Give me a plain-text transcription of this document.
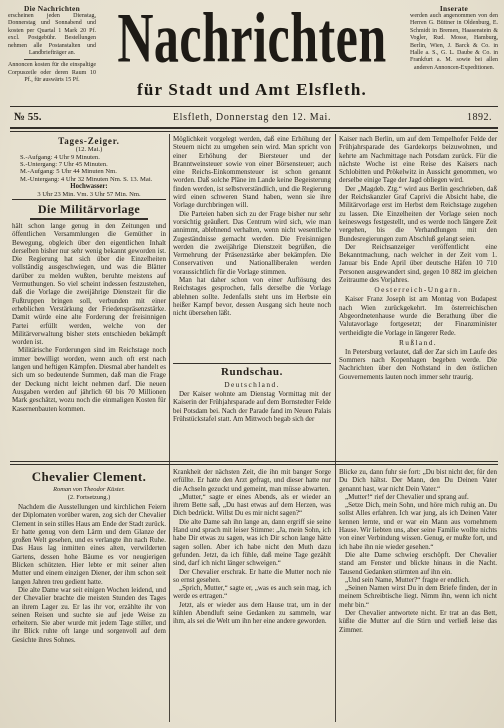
Die Nachrichten
erscheinen jeden Dienstag, Donnerstag und Sonnabend und kosten per Quartal 1 Mark 20 Pf. excl. Postgebühr. Bestellungen nehmen alle Postanstalten und Landbriefträger an.
Annoncen kosten für die einspaltige Corpuszeile oder deren Raum 10 Pf., für auswärts 15 Pf.
Nachrichten
für Stadt und Amt Elsfleth.
Inserate
werden auch angenommen von den Herren G. Büttner in Oldenburg, E. Schmidt in Bremen, Haasenstein & Vogler, Rud. Mosse, Hamburg, Berlin, Wien, J. Barck & Co. in Halle a. S., G. L. Daube & Co. in Frankfurt a. M. sowie bei allen anderen Annoncen-Expeditionen.
№ 55.	Elsfleth, Donnerstag den 12. Mai.	1892.
Tages-Zeiger.
(12. Mai.)
S.-Aufgang: 4 Uhr 9 Minuten.
S.-Untergang: 7 Uhr 45 Minuten.
M.-Aufgang: 5 Uhr 44 Minuten Nm.
M.-Untergang: 4 Uhr 32 Minuten Nm. S. 13. Mai.
Hochwasser:
3 Uhr 23 Min. Vm. 3 Uhr 57 Min. Nm.
Die Militärvorlage

hält schon lange genug in den Zeitungen und öffentlichen Versammlungen die Gemüther in Bewegung, obgleich über den eigentlichen Inhalt derselben bisher nur sehr wenig bekannt geworden ist. Die Regierung hat sich über die Einzelheiten vollständig ausgeschwiegen, und was die Blätter darüber zu melden wußten, beruhte meistens auf Vermuthungen. So viel scheint indessen festzustehen, daß die Vorlage die zweijährige Dienstzeit für die Fußtruppen bringen soll, verbunden mit einer erheblichen Verstärkung der Friedenspräsenzstärke. Damit würde eine alte Forderung der freisinnigen Partei erfüllt werden, welche von der Militärverwaltung bisher stets entschieden bekämpft worden ist.

Militärische Forderungen sind im Reichstage noch immer bewilligt worden, wenn auch oft erst nach langen und heftigen Kämpfen. Diesmal aber handelt es sich um so bedeutende Summen, daß man die Frage der Deckung nicht leicht nehmen darf. Die neuen Ausgaben werden auf jährlich 60 bis 70 Millionen Mark geschätzt, wozu noch die einmaligen Kosten für Kasernenbauten kommen.

Möglichkeit vorgelegt werden, daß eine Erhöhung der Steuern nicht zu umgehen sein wird. Man spricht von einer Erhöhung der Biersteuer und der Branntweinsteuer sowie von einer Börsensteuer; auch eine Reichs-Einkommensteuer ist schon genannt worden. Daß solche Pläne im Lande keine Begeisterung finden werden, ist selbstverständlich, und die Regierung wird einen schweren Stand haben, wenn sie ihre Vorlage durchbringen will.

Die Parteien haben sich zu der Frage bisher nur sehr vorsichtig geäußert. Das Centrum wird sich, wie man annimmt, ablehnend verhalten, wenn nicht wesentliche Zugeständnisse gemacht werden. Die Freisinnigen werden die zweijährige Dienstzeit begrüßen, die Vermehrung der Präsenzstärke aber bekämpfen. Die Conservativen und Nationalliberalen werden voraussichtlich für die Vorlage stimmen.

Man hat daher schon von einer Auflösung des Reichstages gesprochen, falls derselbe die Vorlage ablehnen sollte. Jedenfalls steht uns im Herbste ein heißer Kampf bevor, dessen Ausgang sich heute noch nicht übersehen läßt.

Rundschau.
Deutschland.

Der Kaiser wohnte am Dienstag Vormittag mit der Kaiserin der Frühjahrsparade auf dem Bornstedter Felde bei Potsdam bei. Nach der Parade fand im Neuen Palais Frühstückstafel statt. Am Mittwoch begab sich der

Kaiser nach Berlin, um auf dem Tempelhofer Felde der Frühjahrsparade des Gardekorps beizuwohnen, und kehrte am Nachmittage nach Potsdam zurück. Für die nächste Woche ist eine Reise des Kaisers nach Schlobitten und Prökelwitz in Aussicht genommen, wo derselbe einige Tage der Jagd obliegen wird.

Der „Magdeb. Ztg.“ wird aus Berlin geschrieben, daß der Reichskanzler Graf Caprivi die Absicht habe, die Militärvorlage erst im Herbst dem Reichstage zugehen zu lassen. Die Einzelheiten der Vorlage seien noch keineswegs festgestellt, und es werde noch längere Zeit vergehen, bis die Verhandlungen mit den Bundesregierungen zum Abschluß gelangt seien.

Der Reichsanzeiger veröffentlicht eine Bekanntmachung, nach welcher in der Zeit vom 1. Januar bis Ende April über deutsche Häfen 10 710 Personen ausgewandert sind, gegen 10 882 im gleichen Zeitraume des Vorjahres.

Oesterreich-Ungarn.

Kaiser Franz Joseph ist am Montag von Budapest nach Wien zurückgekehrt. Im österreichischen Abgeordnetenhause wurde die Berathung über die Valutavorlage fortgesetzt; der Finanzminister vertheidigte die Vorlage in längerer Rede.

Rußland.

In Petersburg verlautet, daß der Zar sich im Laufe des Sommers nach Kopenhagen begeben werde. Die Nachrichten über den Nothstand in den östlichen Gouvernements lauten noch immer sehr traurig.

Chevalier Clement.
Roman von Theodor Küster.
(2. Fortsetzung.)

Nachdem die Ausstellungen und kirchlichen Feiern der Diplomaten vorüber waren, zog sich der Chevalier Clement in sein stilles Haus am Ende der Stadt zurück. Er hatte genug von dem Lärm und dem Glanze der großen Welt gesehen, und es verlangte ihn nach Ruhe. Das Haus lag inmitten eines alten, verwilderten Gartens, dessen hohe Bäume es vor neugierigen Blicken schützten. Hier lebte er mit seiner alten Mutter und einem einzigen Diener, der ihm schon seit langen Jahren treu gedient hatte.

Die alte Dame war seit einigen Wochen leidend, und der Chevalier brachte die meisten Stunden des Tages an ihrem Lager zu. Er las ihr vor, erzählte ihr von seinen Reisen und suchte sie auf jede Weise zu erheitern. Sie aber wurde mit jedem Tage stiller, und ihr Blick ruhte oft lange und sorgenvoll auf dem Gesichte ihres Sohnes.

Krankheit der nächsten Zeit, die ihn mit banger Sorge erfüllte. Er hatte den Arzt gefragt, und dieser hatte nur die Achseln gezuckt und gemeint, man müsse abwarten.

„Mutter,“ sagte er eines Abends, als er wieder an ihrem Bette saß, „Du hast etwas auf dem Herzen, was Dich bedrückt. Willst Du es mir nicht sagen?“

Die alte Dame sah ihn lange an, dann ergriff sie seine Hand und sprach mit leiser Stimme: „Ja, mein Sohn, ich habe Dir etwas zu sagen, was ich Dir schon lange hätte sagen sollen. Aber ich habe nicht den Muth dazu gefunden. Jetzt, da ich fühle, daß meine Tage gezählt sind, darf ich nicht länger schweigen.“

Der Chevalier erschrak. Er hatte die Mutter noch nie so ernst gesehen.

„Sprich, Mutter,“ sagte er, „was es auch sein mag, ich werde es ertragen.“

Jetzt, als er wieder aus dem Hause trat, um in der kühlen Abendluft seine Gedanken zu sammeln, war ihm, als sei die Welt um ihn her eine andere geworden.

Blicke zu, dann fuhr sie fort: „Du bist nicht der, für den Du Dich hältst. Der Mann, den Du Deinen Vater genannt hast, war nicht Dein Vater.“

„Mutter!“ rief der Chevalier und sprang auf.

„Setze Dich, mein Sohn, und höre mich ruhig an. Du sollst Alles erfahren. Ich war jung, als ich Deinen Vater kennen lernte, und er war ein Mann aus vornehmem Hause. Wir liebten uns, aber seine Familie wollte nichts von einer Verbindung wissen. Genug, er mußte fort, und ich habe ihn nie wieder gesehen.“

Die alte Dame schwieg erschöpft. Der Chevalier stand am Fenster und blickte hinaus in die Nacht. Tausend Gedanken stürmten auf ihn ein.

„Und sein Name, Mutter?“ fragte er endlich.

„Seinen Namen wirst Du in dem Briefe finden, der in meinem Schreibtische liegt. Nimm ihn, wenn ich nicht mehr bin.“

Der Chevalier antwortete nicht. Er trat an das Bett, küßte die Mutter auf die Stirn und verließ leise das Zimmer.
